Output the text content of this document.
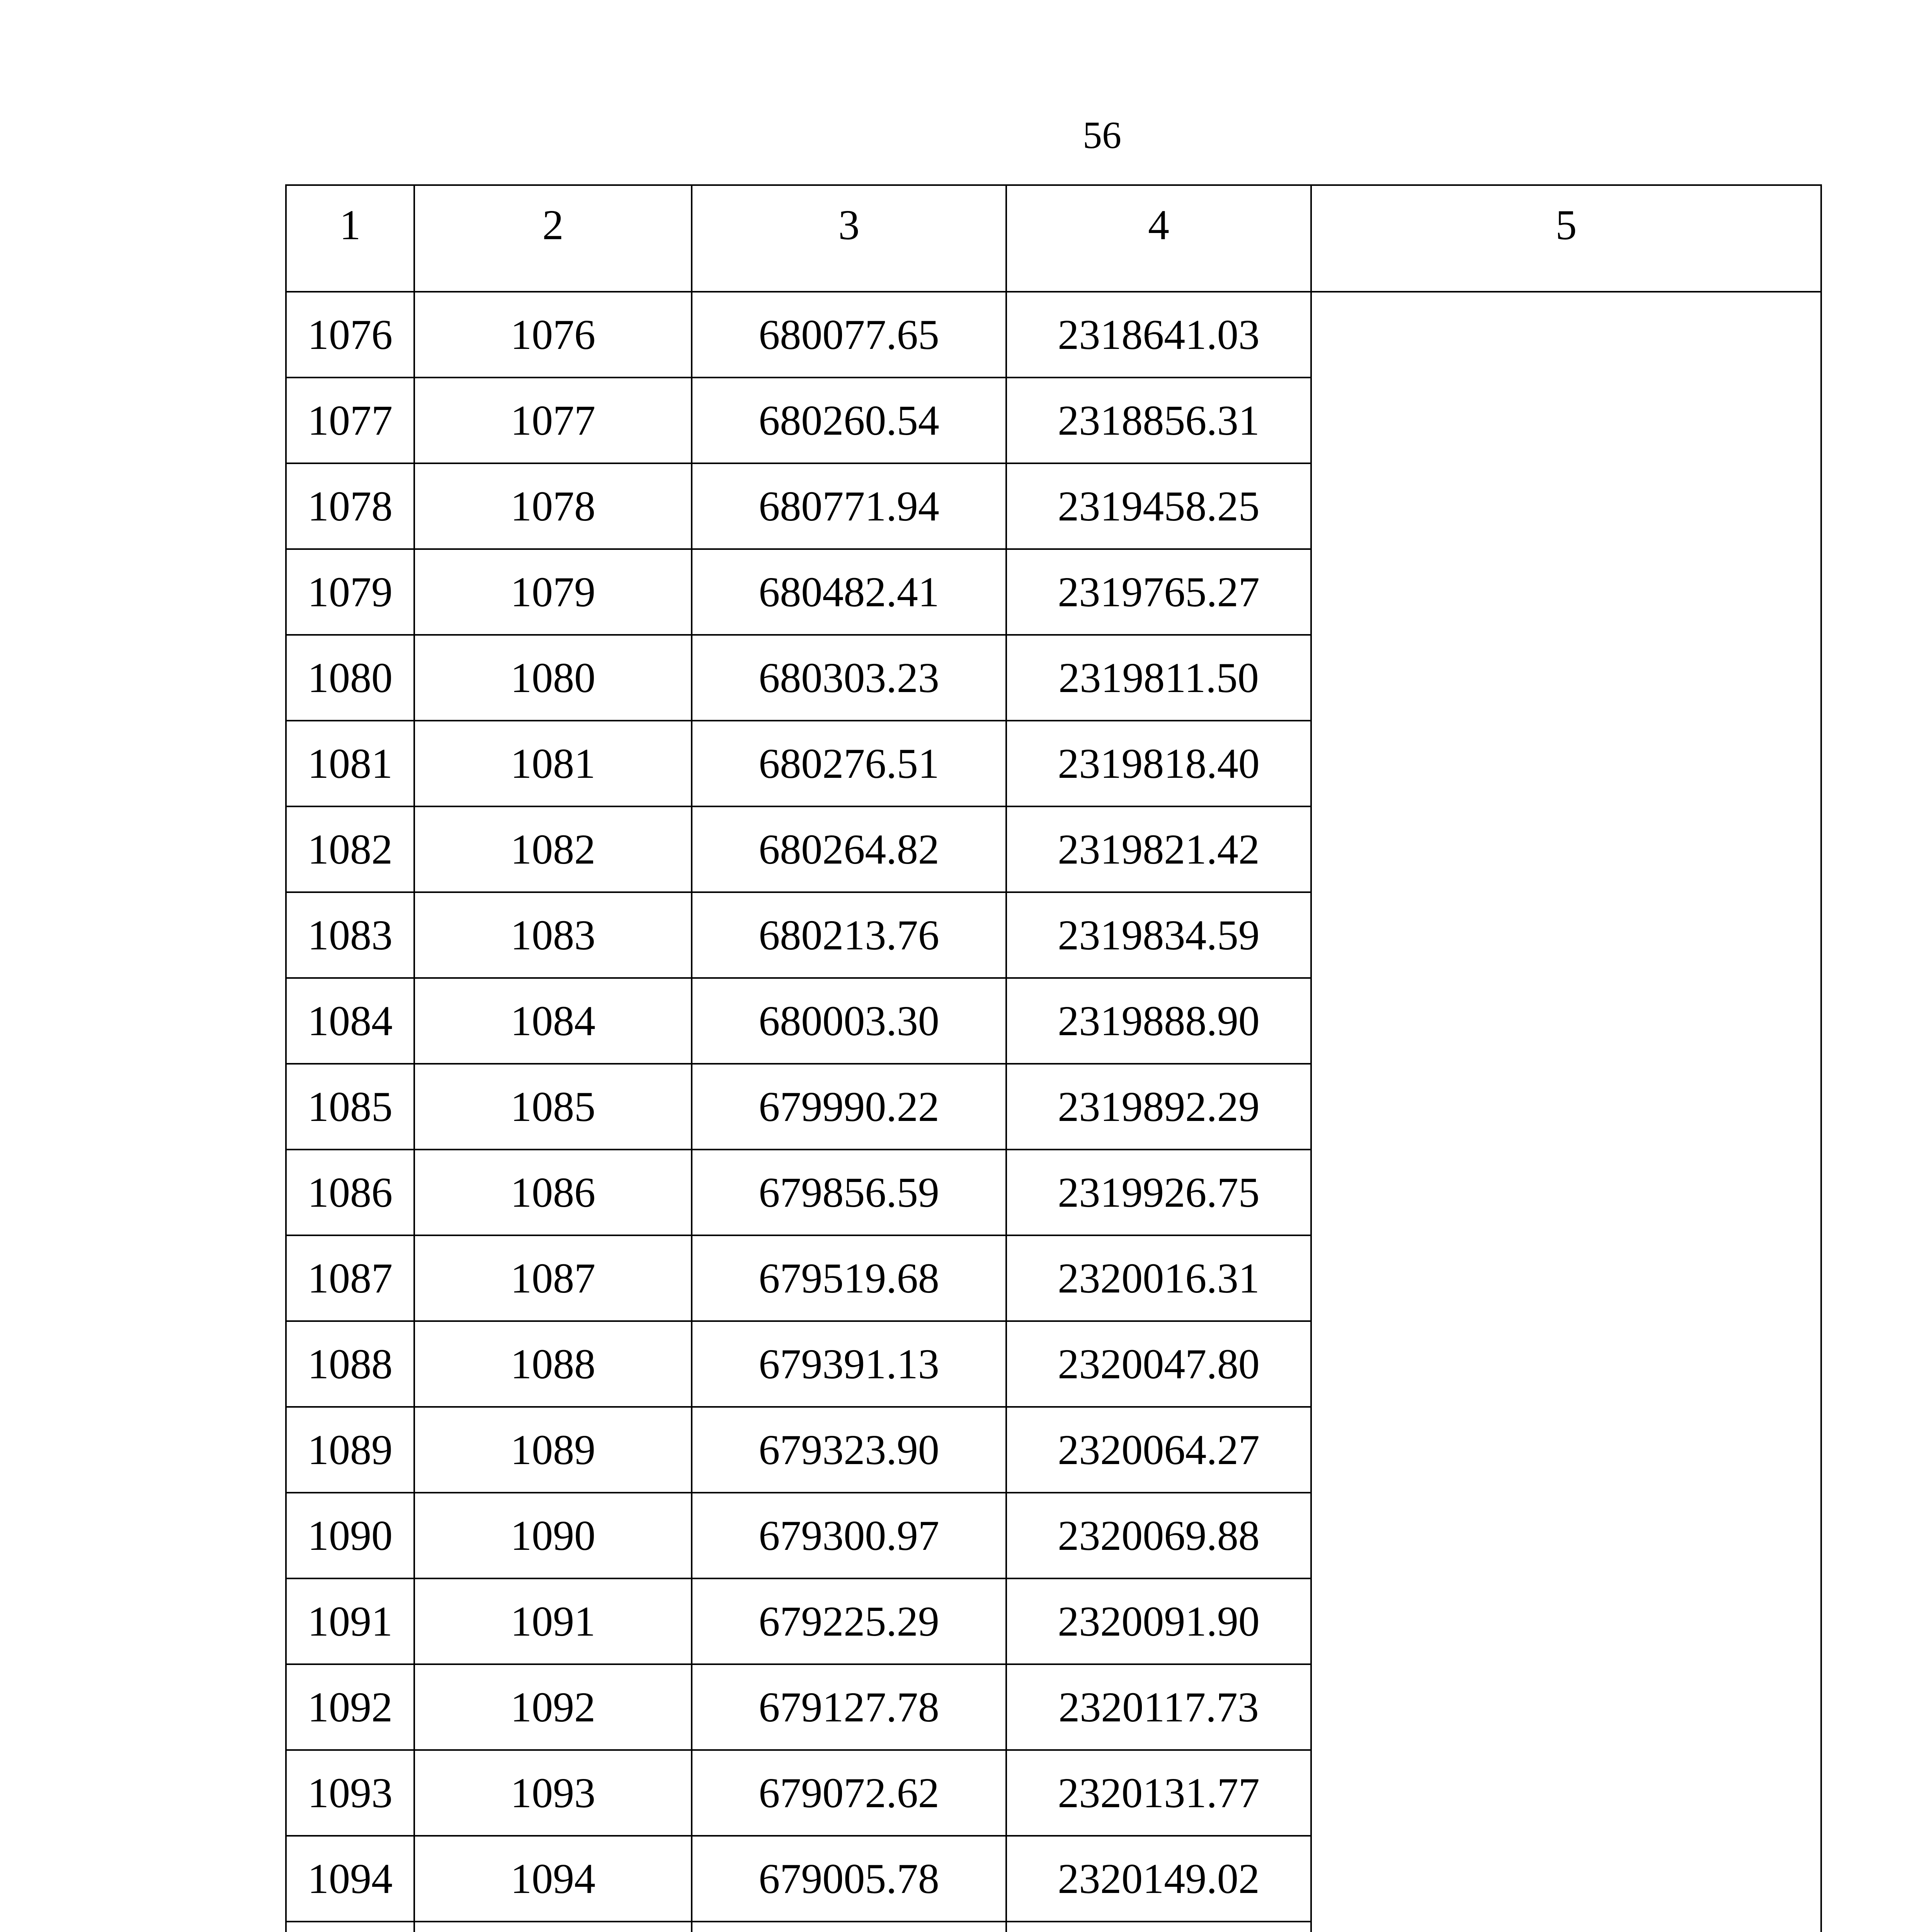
56
1	2	3	4	5
1076	1076	680077.65	2318641.03	
1077	1077	680260.54	2318856.31	
1078	1078	680771.94	2319458.25	
1079	1079	680482.41	2319765.27	
1080	1080	680303.23	2319811.50	
1081	1081	680276.51	2319818.40	
1082	1082	680264.82	2319821.42	
1083	1083	680213.76	2319834.59	
1084	1084	680003.30	2319888.90	
1085	1085	679990.22	2319892.29	
1086	1086	679856.59	2319926.75	
1087	1087	679519.68	2320016.31	
1088	1088	679391.13	2320047.80	
1089	1089	679323.90	2320064.27	
1090	1090	679300.97	2320069.88	
1091	1091	679225.29	2320091.90	
1092	1092	679127.78	2320117.73	
1093	1093	679072.62	2320131.77	
1094	1094	679005.78	2320149.02	
